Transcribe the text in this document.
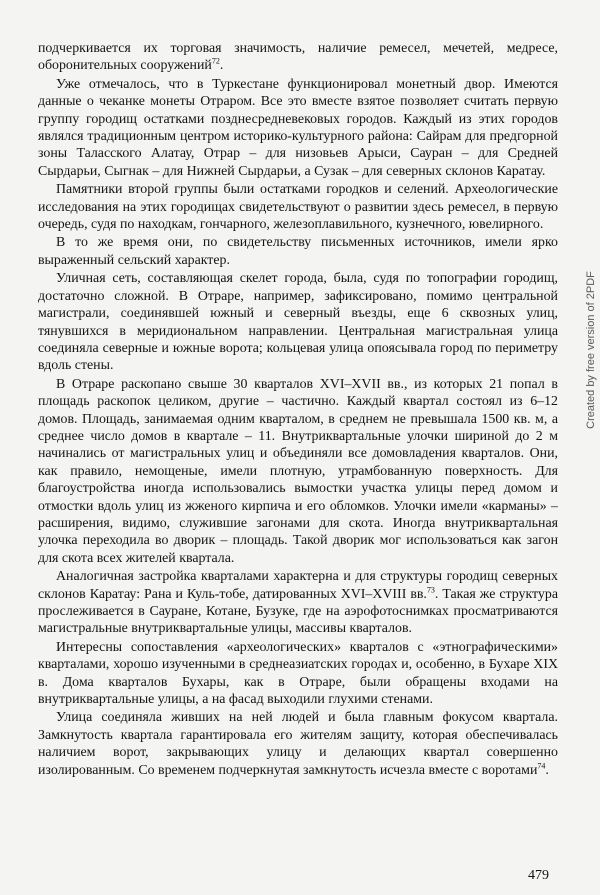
подчеркивается их торговая значимость, наличие ремесел, мечетей, медресе, оборонительных сооружений$^{72}$.

Уже отмечалось, что в Туркестане функционировал монетный двор. Имеются данные о чеканке монеты Отраром. Все это вместе взятое позволяет считать первую группу городищ остатками позднесредневековых городов. Каждый из этих городов являлся традиционным центром историко-культурного района: Сайрам для предгорной зоны Таласского Алатау, Отрар – для низовьев Арыси, Сауран – для Средней Сырдарьи, Сыгнак – для Нижней Сырдарьи, а Сузак – для северных склонов Каратау.

Памятники второй группы были остатками городков и селений. Археологические исследования на этих городищах свидетельствуют о развитии здесь ремесел, в первую очередь, судя по находкам, гончарного, железоплавильного, кузнечного, ювелирного.

В то же время они, по свидетельству письменных источников, имели ярко выраженный сельский характер.

Уличная сеть, составляющая скелет города, была, судя по топографии городищ, достаточно сложной. В Отраре, например, зафиксировано, помимо центральной магистрали, соединявшей южный и северный въезды, еще 6 сквозных улиц, тянувшихся в меридиональном направлении. Центральная магистральная улица соединяла северные и южные ворота; кольцевая улица опоясывала город по периметру вдоль стены.

В Отраре раскопано свыше 30 кварталов XVI–XVII вв., из которых 21 попал в площадь раскопок целиком, другие – частично. Каждый квартал состоял из 6–12 домов. Площадь, занимаемая одним кварталом, в среднем не превышала 1500 кв. м, а среднее число домов в квартале – 11. Внутриквартальные улочки шириной до 2 м начинались от магистральных улиц и объединяли все домовладения кварталов. Они, как правило, немощеные, имели плотную, утрамбованную поверхность. Для благоустройства иногда использовались вымостки участка улицы перед домом и отмостки вдоль улиц из жженого кирпича и его обломков. Улочки имели «карманы» – расширения, видимо, служившие загонами для скота. Иногда внутриквартальная улочка переходила во дворик – площадь. Такой дворик мог использоваться как загон для скота всех жителей квартала.

Аналогичная застройка кварталами характерна и для структуры городищ северных склонов Каратау: Рана и Куль-тобе, датированных XVI–XVIII вв.$^{73}$. Такая же структура прослеживается в Сауране, Котане, Бузуке, где на аэрофотоснимках просматриваются магистральные внутриквартальные улицы, массивы кварталов.

Интересны сопоставления «археологических» кварталов с «этнографическими» кварталами, хорошо изученными в среднеазиатских городах и, особенно, в Бухаре XIX в. Дома кварталов Бухары, как в Отраре, были обращены входами на внутриквартальные улицы, а на фасад выходили глухими стенами.

Улица соединяла живших на ней людей и была главным фокусом квартала. Замкнутость квартала гарантировала его жителям защиту, которая обеспечивалась наличием ворот, закрывающих улицу и делающих квартал совершенно изолированным. Со временем подчеркнутая замкнутость исчезла вместе с воротами$^{74}$.

Created by free version of 2PDF
479
